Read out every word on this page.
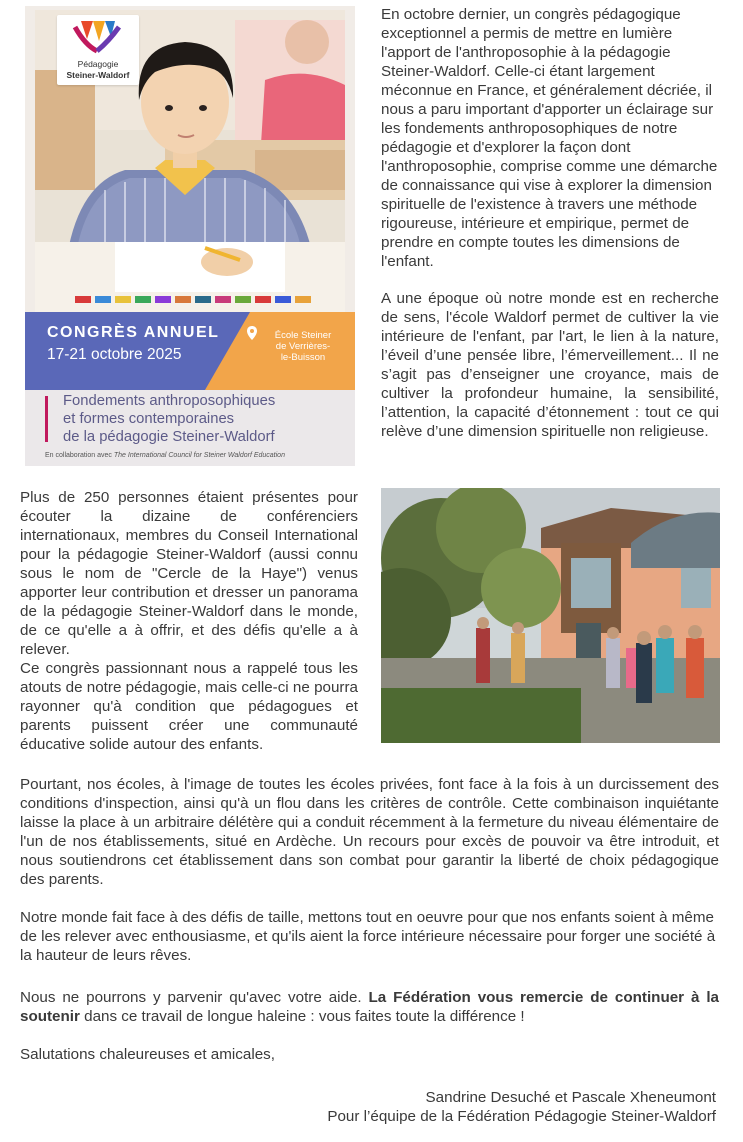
Pédagogie
Steiner-Waldorf
CONGRÈS ANNUEL
17-21 octobre 2025
École Steiner
de Verrières-
le-Buisson
Fondements anthroposophiques
et formes contemporaines
de la pédagogie Steiner-Waldorf
En collaboration avec The International Council for Steiner Waldorf Education

En octobre dernier, un congrès pédagogique exceptionnel a permis de mettre en lumière l'apport de l'anthroposophie à la pédagogie Steiner-Waldorf. Celle-ci étant largement méconnue en France, et généralement décriée, il nous a paru important d'apporter un éclairage sur les fondements anthroposophiques de notre pédagogie et d'explorer la façon dont l'anthroposophie, comprise comme une démarche de connaissance qui vise à explorer la dimension spirituelle de l'existence à travers une méthode rigoureuse, intérieure et empirique, permet de prendre en compte toutes les dimensions de l'enfant.

A une époque où notre monde est en recherche de sens, l'école Waldorf permet de cultiver la vie intérieure de l'enfant, par l'art, le lien à la nature, l’éveil d’une pensée libre, l’émerveillement... Il ne s’agit pas d’enseigner une croyance, mais de cultiver la profondeur humaine, la sensibilité, l’attention, la capacité d’étonnement : tout ce qui relève d’une dimension spirituelle non religieuse.

Plus de 250 personnes étaient présentes pour écouter la dizaine de conférenciers internationaux, membres du Conseil International pour la pédagogie Steiner-Waldorf (aussi connu sous le nom de "Cercle de la Haye") venus apporter leur contribution et dresser un panorama de la pédagogie Steiner-Waldorf dans le monde, de ce qu'elle a à offrir, et des défis qu'elle a à relever.

Ce congrès passionnant nous a rappelé tous les atouts de notre pédagogie, mais celle-ci ne pourra rayonner qu'à condition que pédagogues et parents puissent créer une communauté éducative solide autour des enfants.

Pourtant, nos écoles, à l'image de toutes les écoles privées, font face à la fois à un durcissement des conditions d'inspection, ainsi qu'à un flou dans les critères de contrôle. Cette combinaison inquiétante laisse la place à un arbitraire délétère qui a conduit récemment à la fermeture du niveau élémentaire de l'un de nos établissements, situé en Ardèche. Un recours pour excès de pouvoir va être introduit, et nous soutiendrons cet établissement dans son combat pour garantir la liberté de choix pédagogique des parents.

Notre monde fait face à des défis de taille, mettons tout en oeuvre pour que nos enfants soient à même de les relever avec enthousiasme, et qu'ils aient la force intérieure nécessaire pour forger une société à la hauteur de leurs rêves.

Nous ne pourrons y parvenir qu'avec votre aide. La Fédération vous remercie de continuer à la soutenir dans ce travail de longue haleine : vous faites toute la différence !

Salutations chaleureuses et amicales,

Sandrine Desuché et Pascale Xheneumont
Pour l’équipe de la Fédération Pédagogie Steiner-Waldorf
